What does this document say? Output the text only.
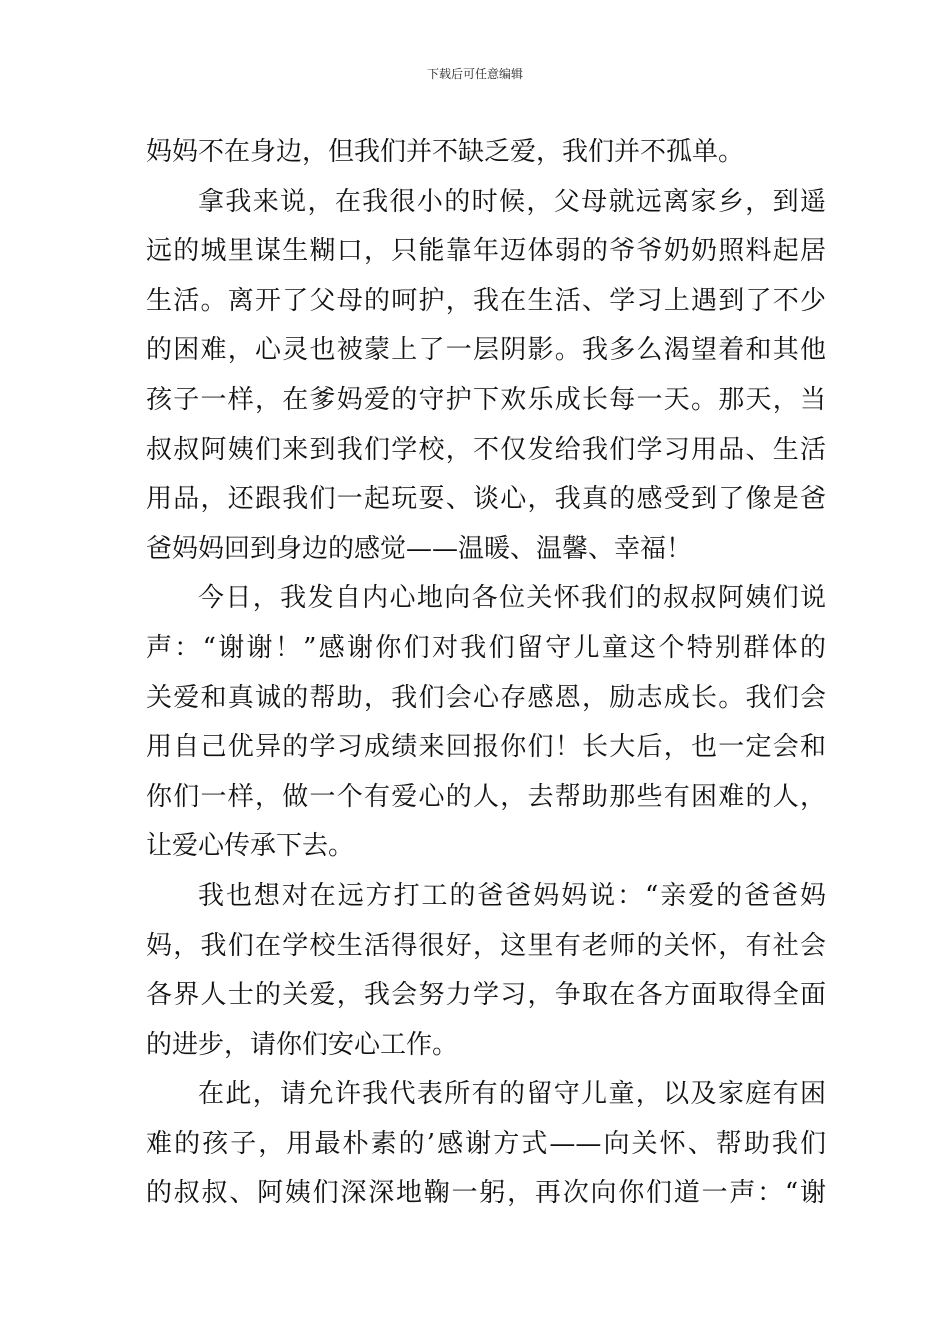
下载后可任意编辑
妈妈不在身边，但我们并不缺乏爱，我们并不孤单。
拿我来说，在我很小的时候，父母就远离家乡，到遥
远的城里谋生糊口，只能靠年迈体弱的爷爷奶奶照料起居
生活。离开了父母的呵护，我在生活、学习上遇到了不少
的困难，心灵也被蒙上了一层阴影。我多么渴望着和其他
孩子一样，在爹妈爱的守护下欢乐成长每一天。那天，当
叔叔阿姨们来到我们学校，不仅发给我们学习用品、生活
用品，还跟我们一起玩耍、谈心，我真的感受到了像是爸
爸妈妈回到身边的感觉——温暖、温馨、幸福！
今日，我发自内心地向各位关怀我们的叔叔阿姨们说
声：“谢谢！”感谢你们对我们留守儿童这个特别群体的
关爱和真诚的帮助，我们会心存感恩，励志成长。我们会
用自己优异的学习成绩来回报你们！长大后，也一定会和
你们一样，做一个有爱心的人，去帮助那些有困难的人，
让爱心传承下去。
我也想对在远方打工的爸爸妈妈说：“亲爱的爸爸妈
妈，我们在学校生活得很好，这里有老师的关怀，有社会
各界人士的关爱，我会努力学习，争取在各方面取得全面
的进步，请你们安心工作。
在此，请允许我代表所有的留守儿童，以及家庭有困
难的孩子，用最朴素的’感谢方式——向关怀、帮助我们
的叔叔、阿姨们深深地鞠一躬，再次向你们道一声：“谢
